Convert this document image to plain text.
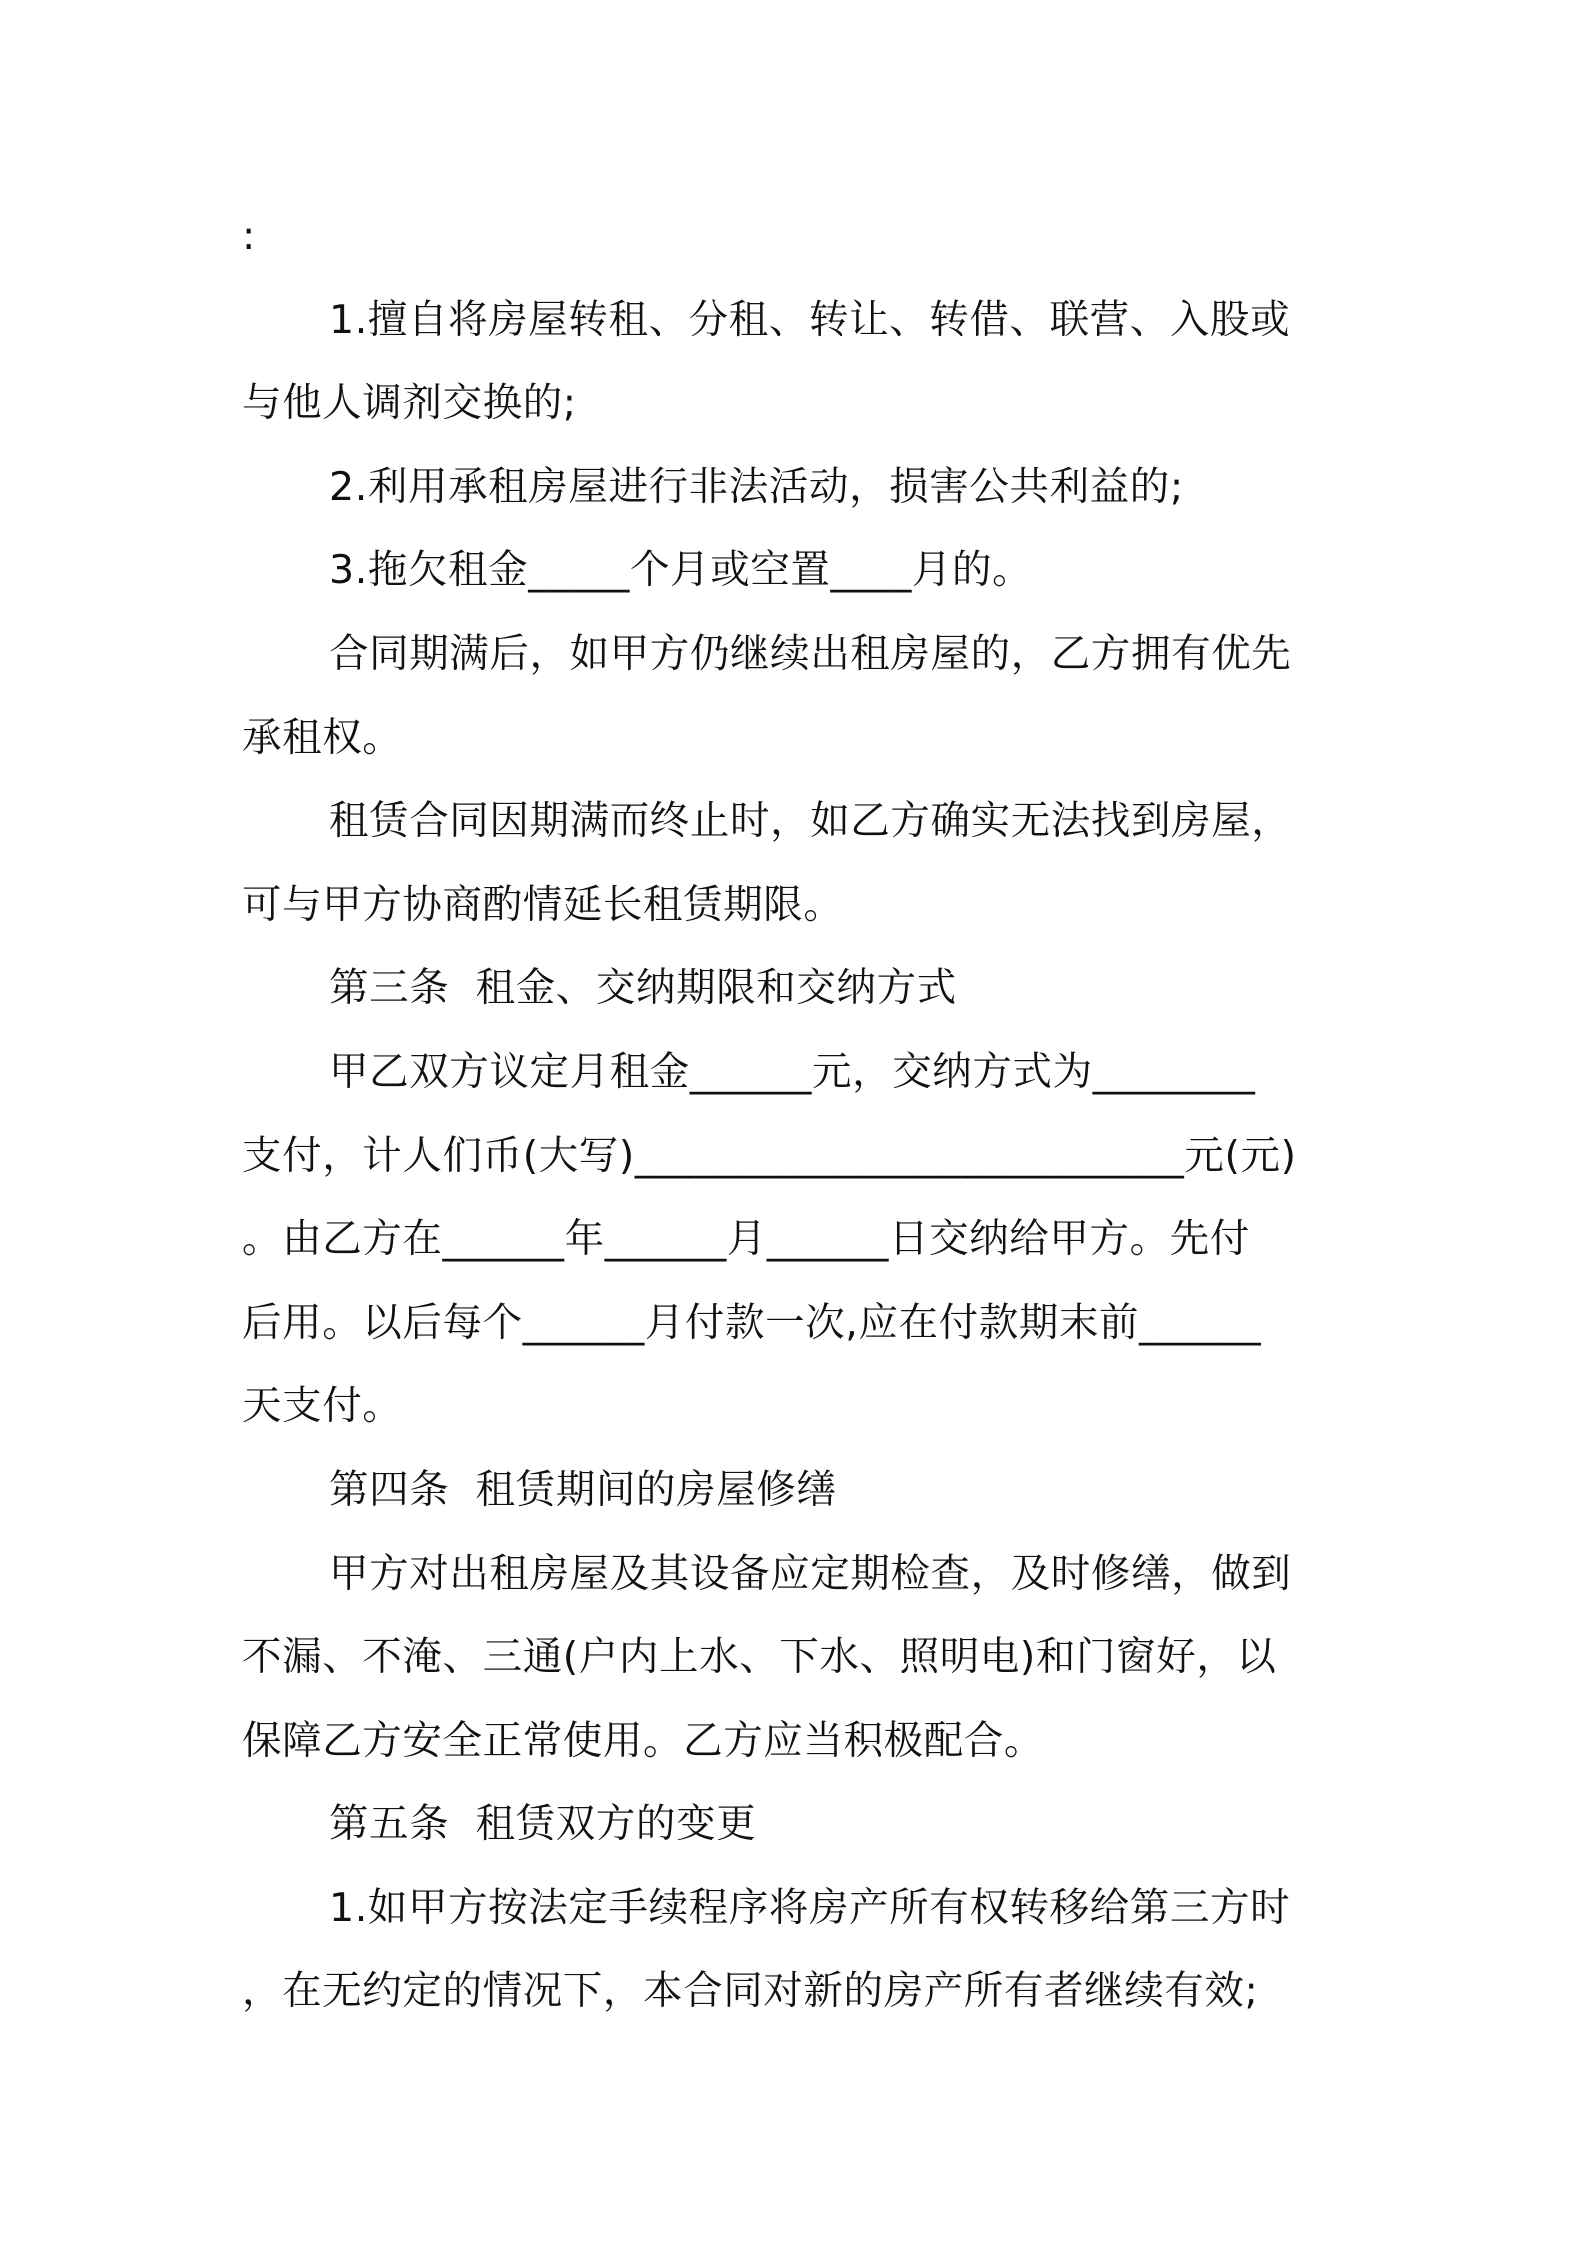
:

1.擅自将房屋转租、分租、转让、转借、联营、入股或

与他人调剂交换的;

2.利用承租房屋进行非法活动，损害公共利益的;

3.拖欠租金_____个月或空置____月的。

合同期满后，如甲方仍继续出租房屋的，乙方拥有优先

承租权。

租赁合同因期满而终止时，如乙方确实无法找到房屋，

可与甲方协商酌情延长租赁期限。

第三条  租金、交纳期限和交纳方式

甲乙双方议定月租金______元，交纳方式为________

支付，计人们币(大写)___________________________元(元)

。由乙方在______年______月______日交纳给甲方。先付

后用。以后每个______月付款一次,应在付款期末前______

天支付。

第四条  租赁期间的房屋修缮

甲方对出租房屋及其设备应定期检查，及时修缮，做到

不漏、不淹、三通(户内上水、下水、照明电)和门窗好，以

保障乙方安全正常使用。乙方应当积极配合。

第五条  租赁双方的变更

1.如甲方按法定手续程序将房产所有权转移给第三方时

，在无约定的情况下，本合同对新的房产所有者继续有效;
